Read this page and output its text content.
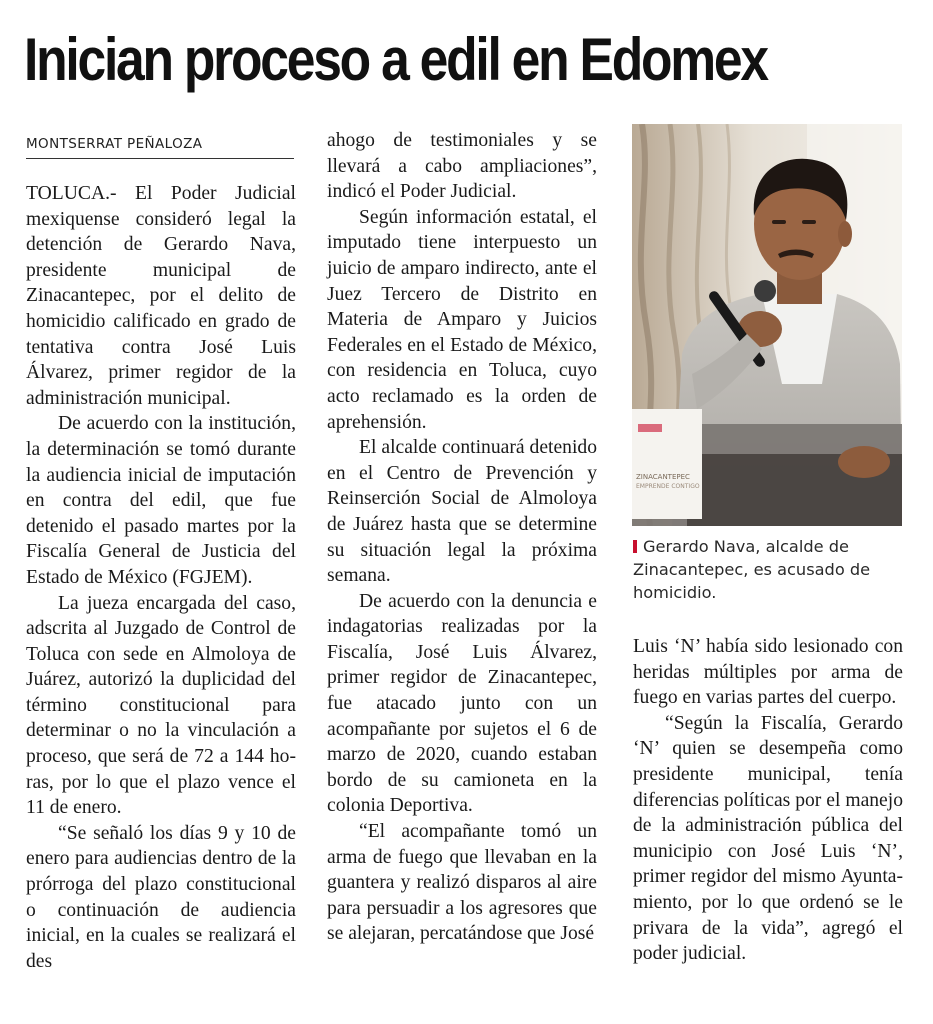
Inician proceso a edil en Edomex
MONTSERRAT PEÑALOZA

TOLUCA.- El Poder Judicial mexiquense consideró legal la detención de Gerardo Nava, presidente municipal de Zinacantepec, por el delito de homicidio calificado en grado de tentativa contra José Luis Álvarez, primer regidor de la administración municipal.

De acuerdo con la institución, la determinación se tomó durante la audiencia inicial de imputación en contra del edil, que fue detenido el pasado martes por la Fiscalía General de Justicia del Estado de México (FGJEM).

La jueza encargada del caso, adscrita al Juzgado de Control de Toluca con sede en Almoloya de Juárez, autorizó la duplicidad del término constitucional para determinar o no la vinculación a proceso, que será de 72 a 144 horas, por lo que el plazo vence el 11 de enero.

“Se señaló los días 9 y 10 de enero para audiencias dentro de la prórroga del plazo constitucional o continuación de audiencia inicial, en la cuales se realizará el des

ahogo de testimoniales y se llevará a cabo ampliaciones”, indicó el Poder Judicial.

Según información estatal, el imputado tiene interpuesto un juicio de amparo indirecto, ante el Juez Tercero de Distrito en Materia de Amparo y Juicios Federales en el Estado de México, con residencia en Toluca, cuyo acto reclamado es la orden de aprehensión.

El alcalde continuará detenido en el Centro de Prevención y Reinserción Social de Almoloya de Juárez hasta que se determine su situación legal la próxima semana.

De acuerdo con la denuncia e indagatorias realizadas por la Fiscalía, José Luis Álvarez, primer regidor de Zinacantepec, fue atacado junto con un acompañante por sujetos el 6 de marzo de 2020, cuando estaban bordo de su camioneta en la colonia Deportiva.

“El acompañante tomó un arma de fuego que llevaban en la guantera y realizó disparos al aire para persuadir a los agresores que se alejaran, percatándose que José

ZINACANTEPEC
EMPRENDE CONTIGO
Gerardo Nava, alcalde de Zinacantepec, es acusado de homicidio.

Luis ‘N’ había sido lesionado con heridas múltiples por arma de fuego en varias partes del cuerpo.

“Según la Fiscalía, Gerardo ‘N’ quien se desempeña como presidente municipal, tenía diferencias políticas por el manejo de la administración pública del municipio con José Luis ‘N’, primer regidor del mismo Ayuntamiento, por lo que ordenó se le privara de la vida”, agregó el poder judicial.
